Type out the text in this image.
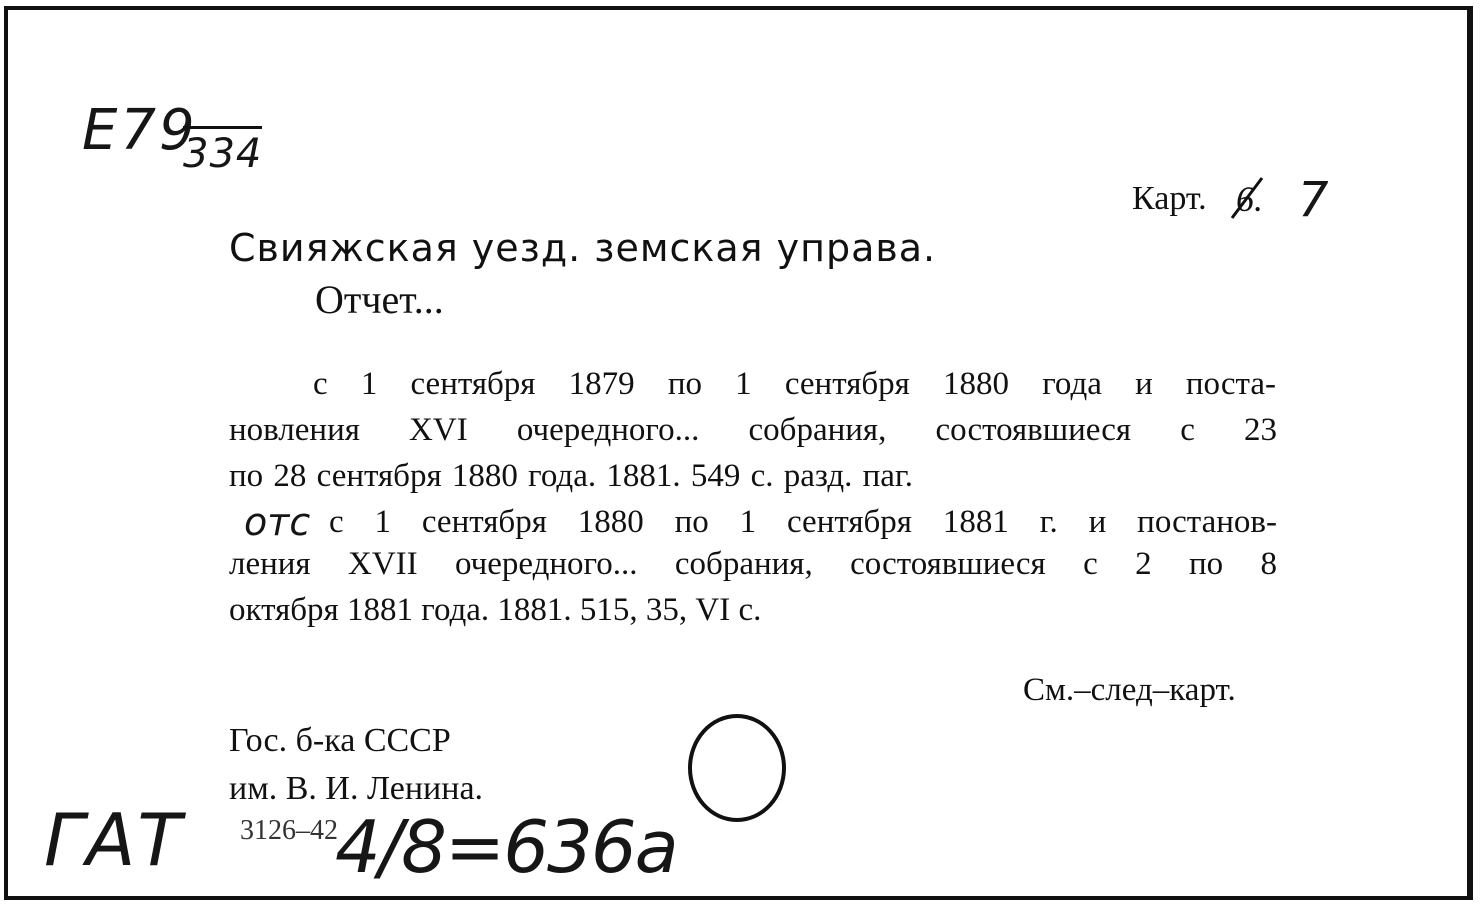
E79
334
Карт. 6. 7
Свияжская уезд. земская управа.
Отчет...
с 1 сентября 1879 по 1 сентября 1880 года и поста-
новления XVI очередного... собрания, состоявшиеся с 23
по 28 сентября 1880 года. 1881. 549 с. разд. паг.
отс с 1 сентября 1880 по 1 сентября 1881 г. и постанов-
ления XVII очередного... собрания, состоявшиеся с 2 по 8
октября 1881 года. 1881. 515, 35, VI с.
См.–след–карт.
Гос. б-ка СССР
им. В. И. Ленина.
3126–42
ГАТ 4/8=636а
